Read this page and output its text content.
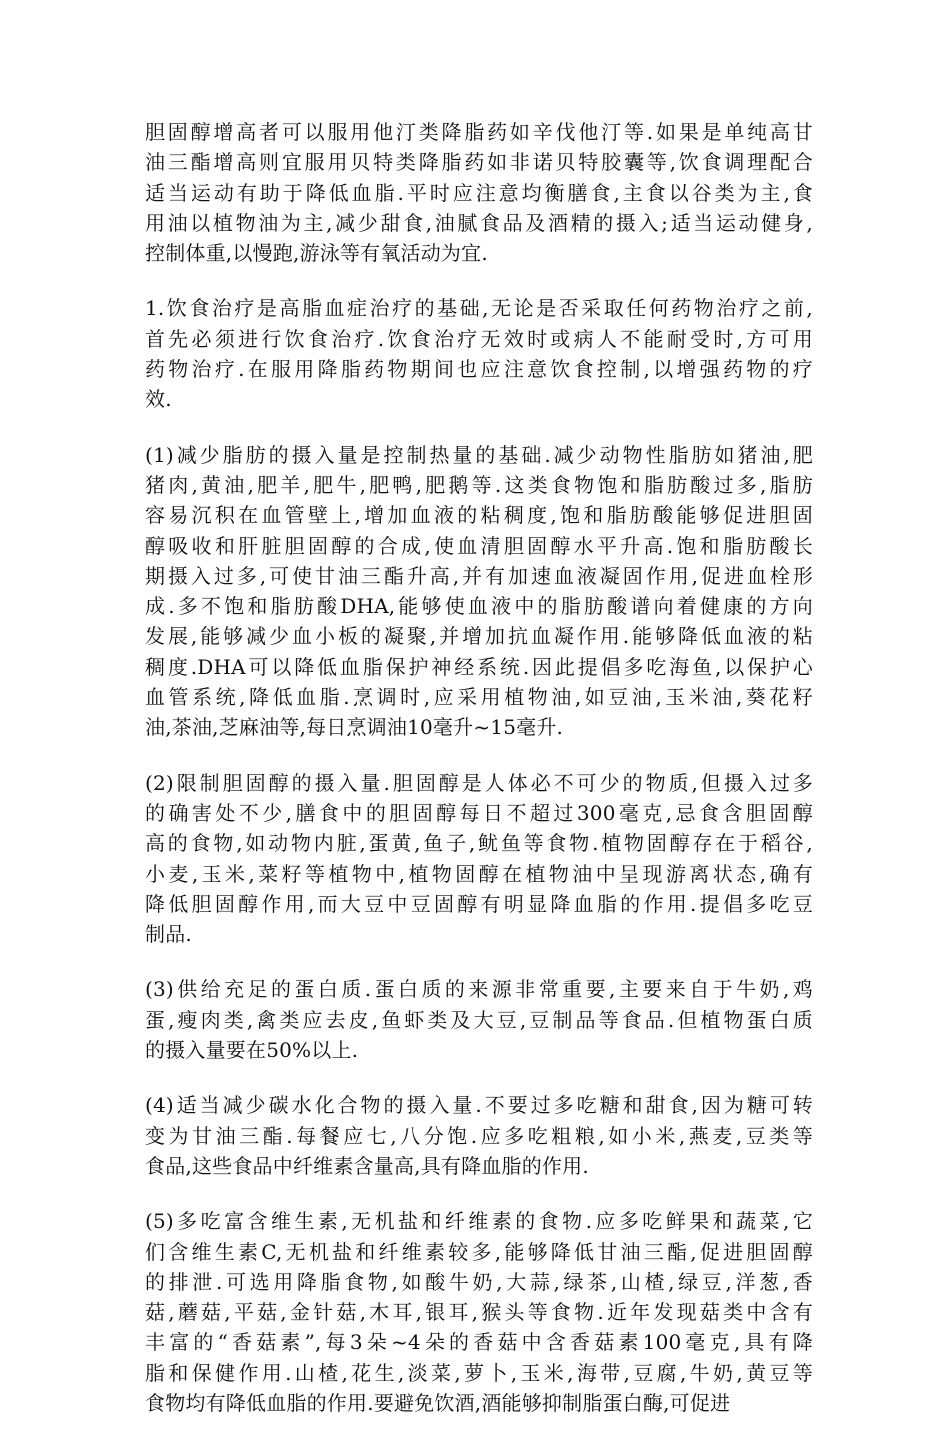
胆固醇增高者可以服用他汀类降脂药如辛伐他汀等.如果是单纯高甘
油三酯增高则宜服用贝特类降脂药如非诺贝特胶囊等,饮食调理配合
适当运动有助于降低血脂.平时应注意均衡膳食,主食以谷类为主,食
用油以植物油为主,减少甜食,油腻食品及酒精的摄入;适当运动健身,
控制体重,以慢跑,游泳等有氧活动为宜.
1.饮食治疗是高脂血症治疗的基础,无论是否采取任何药物治疗之前,
首先必须进行饮食治疗.饮食治疗无效时或病人不能耐受时,方可用
药物治疗.在服用降脂药物期间也应注意饮食控制,以增强药物的疗
效.
(1)减少脂肪的摄入量是控制热量的基础.减少动物性脂肪如猪油,肥
猪肉,黄油,肥羊,肥牛,肥鸭,肥鹅等.这类食物饱和脂肪酸过多,脂肪
容易沉积在血管壁上,增加血液的粘稠度,饱和脂肪酸能够促进胆固
醇吸收和肝脏胆固醇的合成,使血清胆固醇水平升高.饱和脂肪酸长
期摄入过多,可使甘油三酯升高,并有加速血液凝固作用,促进血栓形
成.多不饱和脂肪酸DHA,能够使血液中的脂肪酸谱向着健康的方向
发展,能够减少血小板的凝聚,并增加抗血凝作用.能够降低血液的粘
稠度.DHA可以降低血脂保护神经系统.因此提倡多吃海鱼,以保护心
血管系统,降低血脂.烹调时,应采用植物油,如豆油,玉米油,葵花籽
油,茶油,芝麻油等,每日烹调油10毫升~15毫升.
(2)限制胆固醇的摄入量.胆固醇是人体必不可少的物质,但摄入过多
的确害处不少,膳食中的胆固醇每日不超过300毫克,忌食含胆固醇
高的食物,如动物内脏,蛋黄,鱼子,鱿鱼等食物.植物固醇存在于稻谷,
小麦,玉米,菜籽等植物中,植物固醇在植物油中呈现游离状态,确有
降低胆固醇作用,而大豆中豆固醇有明显降血脂的作用.提倡多吃豆
制品.
(3)供给充足的蛋白质.蛋白质的来源非常重要,主要来自于牛奶,鸡
蛋,瘦肉类,禽类应去皮,鱼虾类及大豆,豆制品等食品.但植物蛋白质
的摄入量要在50%以上.
(4)适当减少碳水化合物的摄入量.不要过多吃糖和甜食,因为糖可转
变为甘油三酯.每餐应七,八分饱.应多吃粗粮,如小米,燕麦,豆类等
食品,这些食品中纤维素含量高,具有降血脂的作用.
(5)多吃富含维生素,无机盐和纤维素的食物.应多吃鲜果和蔬菜,它
们含维生素C,无机盐和纤维素较多,能够降低甘油三酯,促进胆固醇
的排泄.可选用降脂食物,如酸牛奶,大蒜,绿茶,山楂,绿豆,洋葱,香
菇,蘑菇,平菇,金针菇,木耳,银耳,猴头等食物.近年发现菇类中含有
丰富的“香菇素”,每3朵~4朵的香菇中含香菇素100毫克,具有降
脂和保健作用.山楂,花生,淡菜,萝卜,玉米,海带,豆腐,牛奶,黄豆等
食物均有降低血脂的作用.要避免饮酒,酒能够抑制脂蛋白酶,可促进
